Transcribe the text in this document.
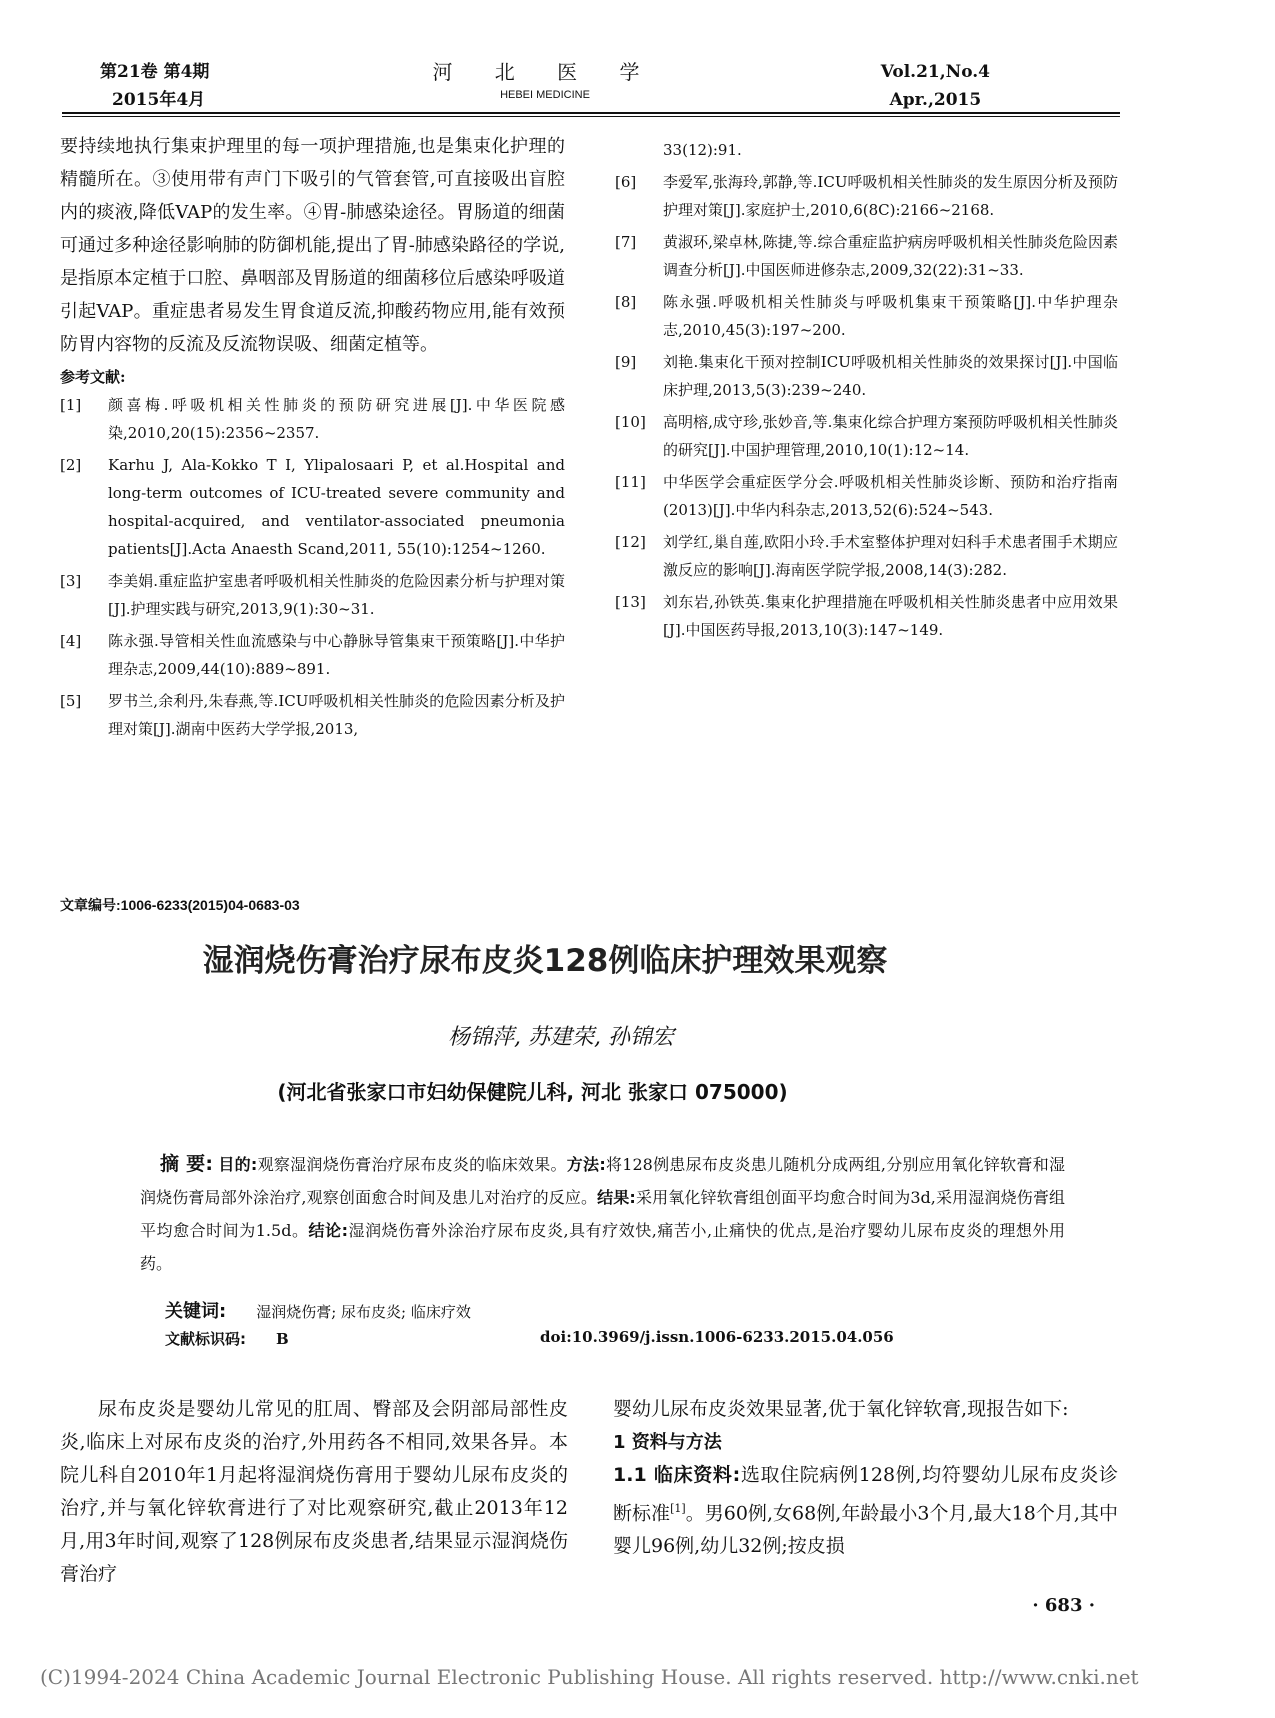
第21卷 第4期
2015年4月
河 北 医 学
HEBEI MEDICINE
Vol.21,No.4
Apr.,2015

要持续地执行集束护理里的每一项护理措施,也是集束化护理的精髓所在。③使用带有声门下吸引的气管套管,可直接吸出盲腔内的痰液,降低VAP的发生率。④胃-肺感染途径。胃肠道的细菌可通过多种途径影响肺的防御机能,提出了胃-肺感染路径的学说,是指原本定植于口腔、鼻咽部及胃肠道的细菌移位后感染呼吸道引起VAP。重症患者易发生胃食道反流,抑酸药物应用,能有效预防胃内容物的反流及反流物误吸、细菌定植等。

参考文献:
[1]	颜喜梅.呼吸机相关性肺炎的预防研究进展[J].中华医院感染,2010,20(15):2356~2357.
[2]	Karhu J, Ala-Kokko T I, Ylipalosaari P, et al.Hospital and long-term outcomes of ICU-treated severe community and hospital-acquired, and ventilator-associated pneumonia patients[J].Acta Anaesth Scand,2011, 55(10):1254~1260.
[3]	李美娟.重症监护室患者呼吸机相关性肺炎的危险因素分析与护理对策[J].护理实践与研究,2013,9(1):30~31.
[4]	陈永强.导管相关性血流感染与中心静脉导管集束干预策略[J].中华护理杂志,2009,44(10):889~891.
[5]	罗书兰,余利丹,朱春燕,等.ICU呼吸机相关性肺炎的危险因素分析及护理对策[J].湖南中医药大学学报,2013,
33(12):91.
[6]	李爱军,张海玲,郭静,等.ICU呼吸机相关性肺炎的发生原因分析及预防护理对策[J].家庭护士,2010,6(8C):2166~2168.
[7]	黄淑环,梁卓林,陈捷,等.综合重症监护病房呼吸机相关性肺炎危险因素调查分析[J].中国医师进修杂志,2009,32(22):31~33.
[8]	陈永强.呼吸机相关性肺炎与呼吸机集束干预策略[J].中华护理杂志,2010,45(3):197~200.
[9]	刘艳.集束化干预对控制ICU呼吸机相关性肺炎的效果探讨[J].中国临床护理,2013,5(3):239~240.
[10]	高明榕,成守珍,张妙音,等.集束化综合护理方案预防呼吸机相关性肺炎的研究[J].中国护理管理,2010,10(1):12~14.
[11]	中华医学会重症医学分会.呼吸机相关性肺炎诊断、预防和治疗指南(2013)[J].中华内科杂志,2013,52(6):524~543.
[12]	刘学红,巢自莲,欧阳小玲.手术室整体护理对妇科手术患者围手术期应激反应的影响[J].海南医学院学报,2008,14(3):282.
[13]	刘东岩,孙铁英.集束化护理措施在呼吸机相关性肺炎患者中应用效果[J].中国医药导报,2013,10(3):147~149.
文章编号:1006-6233(2015)04-0683-03
湿润烧伤膏治疗尿布皮炎128例临床护理效果观察
杨锦萍, 苏建荣, 孙锦宏
(河北省张家口市妇幼保健院儿科, 河北 张家口 075000)
摘 要: 目的:观察湿润烧伤膏治疗尿布皮炎的临床效果。方法:将128例患尿布皮炎患儿随机分成两组,分别应用氧化锌软膏和湿润烧伤膏局部外涂治疗,观察创面愈合时间及患儿对治疗的反应。结果:采用氧化锌软膏组创面平均愈合时间为3d,采用湿润烧伤膏组平均愈合时间为1.5d。结论:湿润烧伤膏外涂治疗尿布皮炎,具有疗效快,痛苦小,止痛快的优点,是治疗婴幼儿尿布皮炎的理想外用药。
关键词: 湿润烧伤膏; 尿布皮炎; 临床疗效
文献标识码: B	doi:10.3969/j.issn.1006-6233.2015.04.056

尿布皮炎是婴幼儿常见的肛周、臀部及会阴部局部性皮炎,临床上对尿布皮炎的治疗,外用药各不相同,效果各异。本院儿科自2010年1月起将湿润烧伤膏用于婴幼儿尿布皮炎的治疗,并与氧化锌软膏进行了对比观察研究,截止2013年12月,用3年时间,观察了128例尿布皮炎患者,结果显示湿润烧伤膏治疗

婴幼儿尿布皮炎效果显著,优于氧化锌软膏,现报告如下:

1 资料与方法

1.1 临床资料:选取住院病例128例,均符婴幼儿尿布皮炎诊断标准[1]。男60例,女68例,年龄最小3个月,最大18个月,其中婴儿96例,幼儿32例;按皮损

· 683 ·
(C)1994-2024 China Academic Journal Electronic Publishing House. All rights reserved. http://www.cnki.net
